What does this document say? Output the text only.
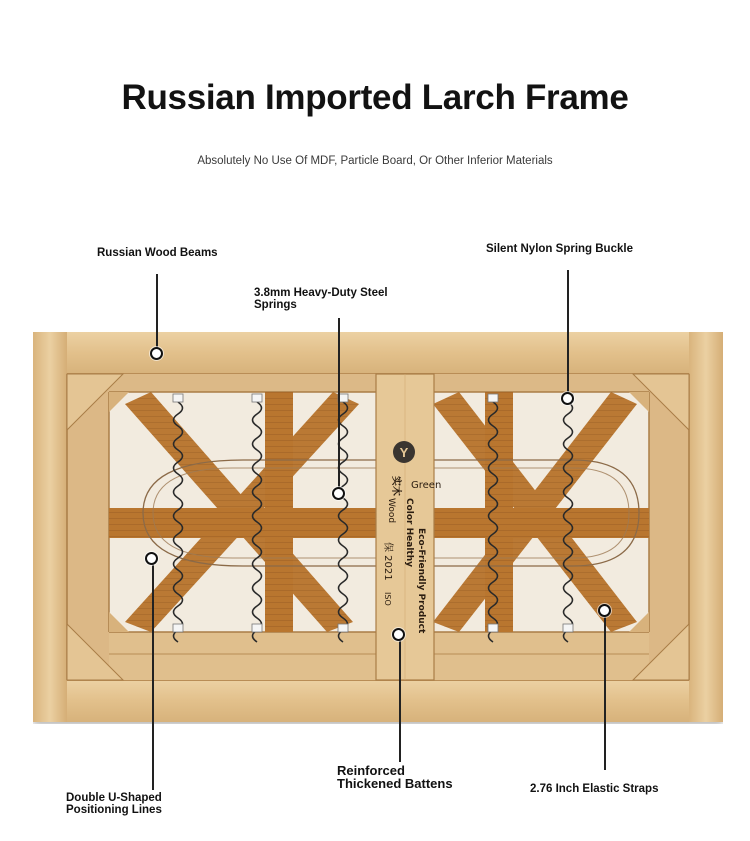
Russian Imported Larch Frame
Absolutely No Use Of MDF, Particle Board, Or Other Inferior Materials
Russian Wood Beams
3.8mm Heavy-Duty Steel
Springs
Silent Nylon Spring Buckle
Y
Green
实木
Wood Color Healthy Eco-Friendly Product
保 2021
ISO
Double U-Shaped
Positioning Lines
Reinforced
Thickened Battens	2.76 Inch Elastic Straps
